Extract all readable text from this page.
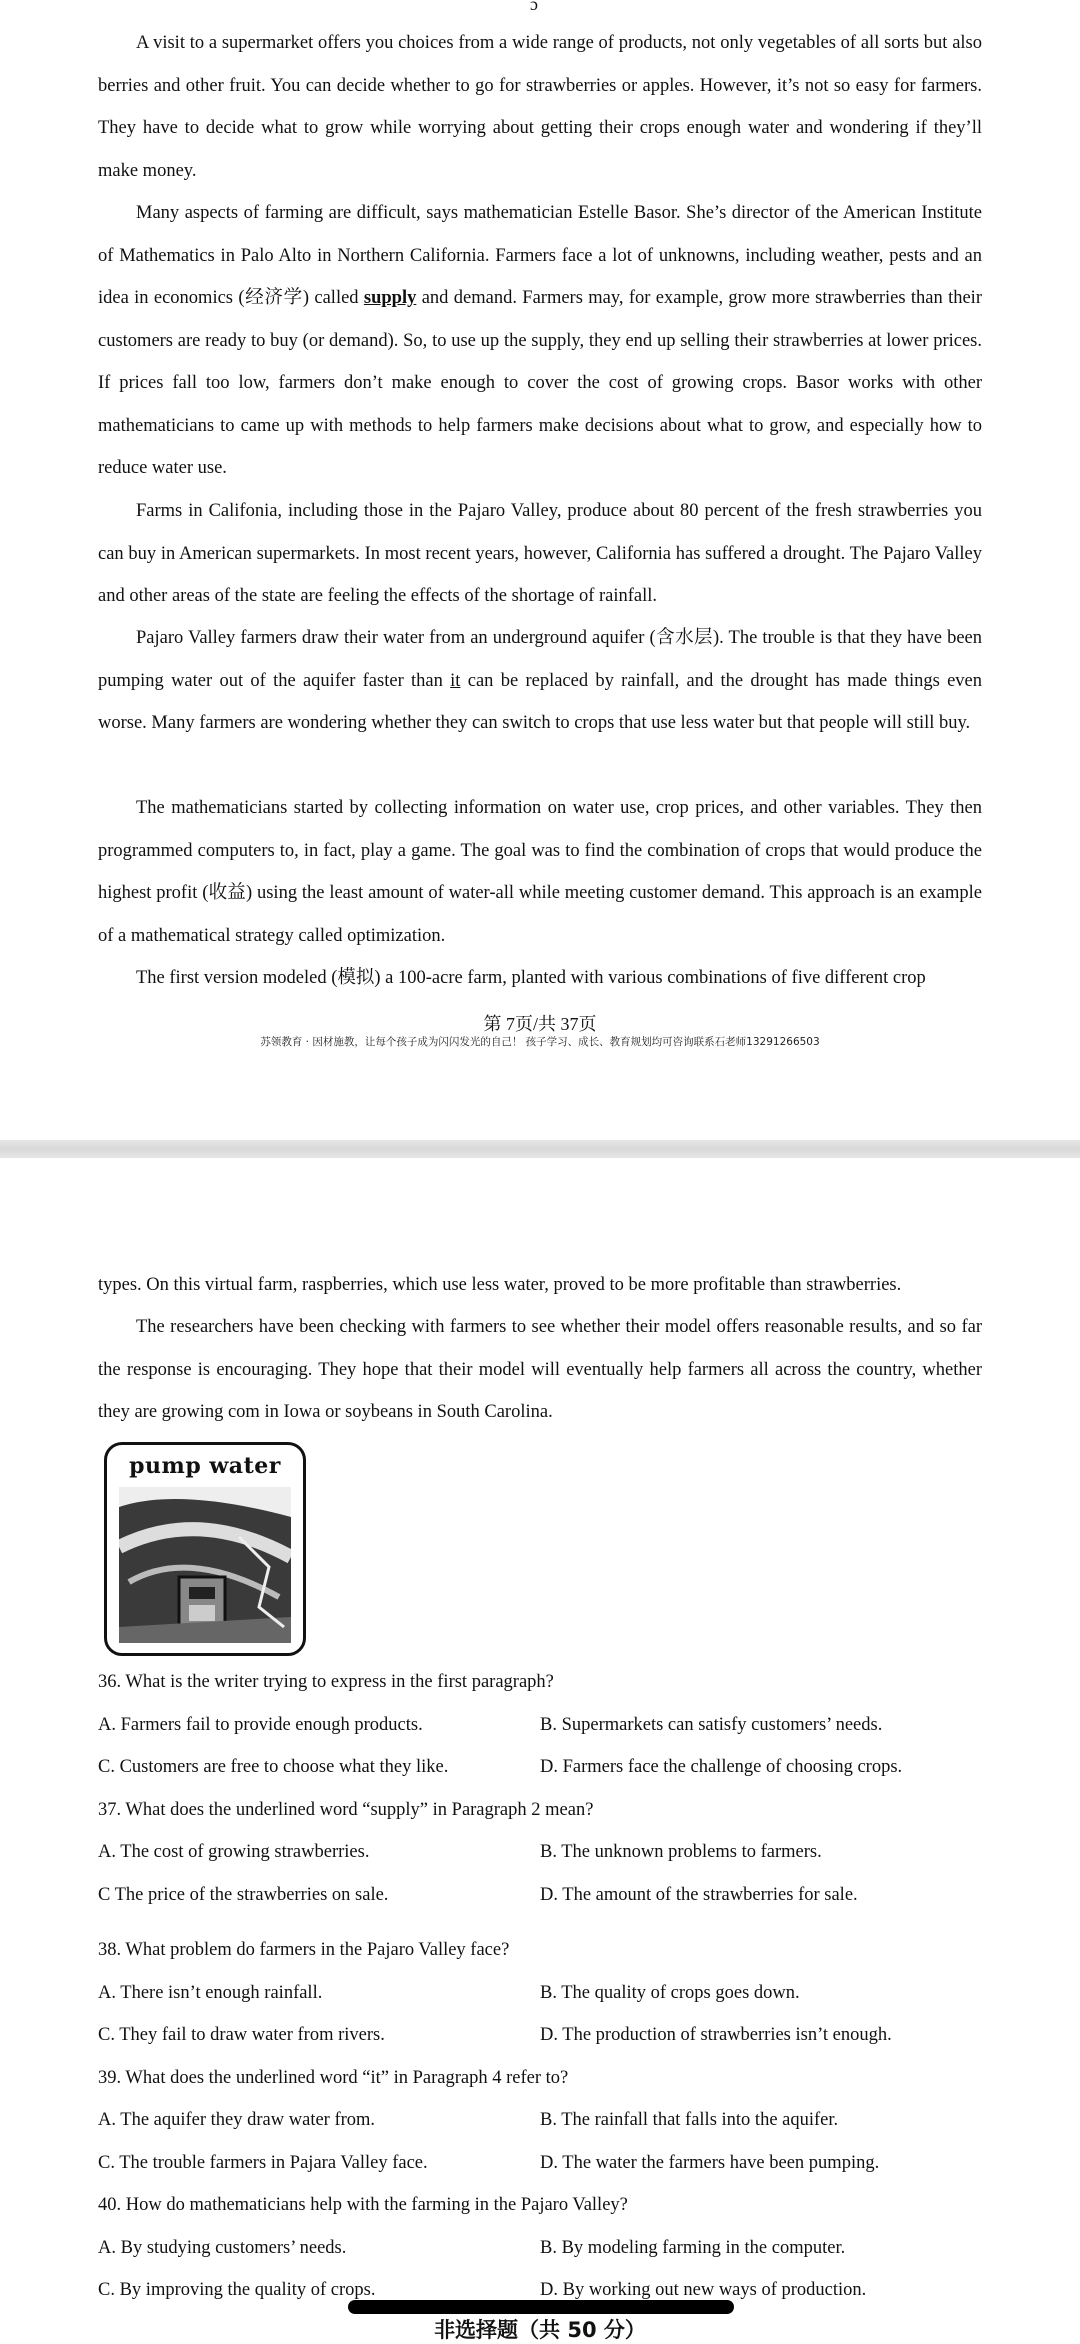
ɔ

A visit to a supermarket offers you choices from a wide range of products, not only vegetables of all sorts but also berries and other fruit. You can decide whether to go for strawberries or apples. However, it’s not so easy for farmers. They have to decide what to grow while worrying about getting their crops enough water and wondering if they’ll make money.

Many aspects of farming are difficult, says mathematician Estelle Basor. She’s director of the American Institute of Mathematics in Palo Alto in Northern California. Farmers face a lot of unknowns, including weather, pests and an idea in economics (经济学) called supply and demand. Farmers may, for example, grow more strawberries than their customers are ready to buy (or demand). So, to use up the supply, they end up selling their strawberries at lower prices. If prices fall too low, farmers don’t make enough to cover the cost of growing crops. Basor works with other mathematicians to came up with methods to help farmers make decisions about what to grow, and especially how to reduce water use.

Farms in Califonia, including those in the Pajaro Valley, produce about 80 percent of the fresh strawberries you can buy in American supermarkets. In most recent years, however, California has suffered a drought. The Pajaro Valley and other areas of the state are feeling the effects of the shortage of rainfall.

Pajaro Valley farmers draw their water from an underground aquifer (含水层). The trouble is that they have been pumping water out of the aquifer faster than it can be replaced by rainfall, and the drought has made things even worse. Many farmers are wondering whether they can switch to crops that use less water but that people will still buy.

The mathematicians started by collecting information on water use, crop prices, and other variables. They then programmed computers to, in fact, play a game. The goal was to find the combination of crops that would produce the highest profit (收益) using the least amount of water-all while meeting customer demand. This approach is an example of a mathematical strategy called optimization.

The first version modeled (模拟) a 100-acre farm, planted with various combinations of five different crop

第 7页/共 37页
苏领教育 · 因材施教，让每个孩子成为闪闪发光的自己！ 孩子学习、成长、教育规划均可咨询联系石老师13291266503

types. On this virtual farm, raspberries, which use less water, proved to be more profitable than strawberries.

The researchers have been checking with farmers to see whether their model offers reasonable results, and so far the response is encouraging. They hope that their model will eventually help farmers all across the country, whether they are growing com in Iowa or soybeans in South Carolina.

pump water
36. What is the writer trying to express in the first paragraph?
A. Farmers fail to provide enough products.	B. Supermarkets can satisfy customers’ needs.
C. Customers are free to choose what they like.	D. Farmers face the challenge of choosing crops.
37. What does the underlined word “supply” in Paragraph 2 mean?
A. The cost of growing strawberries.	B. The unknown problems to farmers.
C The price of the strawberries on sale.	D. The amount of the strawberries for sale.
38. What problem do farmers in the Pajaro Valley face?
A. There isn’t enough rainfall.	B. The quality of crops goes down.
C. They fail to draw water from rivers.	D. The production of strawberries isn’t enough.
39. What does the underlined word “it” in Paragraph 4 refer to?
A. The aquifer they draw water from.	B. The rainfall that falls into the aquifer.
C. The trouble farmers in Pajara Valley face.	D. The water the farmers have been pumping.
40. How do mathematicians help with the farming in the Pajaro Valley?
A. By studying customers’ needs.	B. By modeling farming in the computer.
C. By improving the quality of crops.	D. By working out new ways of production.
非选择题（共 50 分）
